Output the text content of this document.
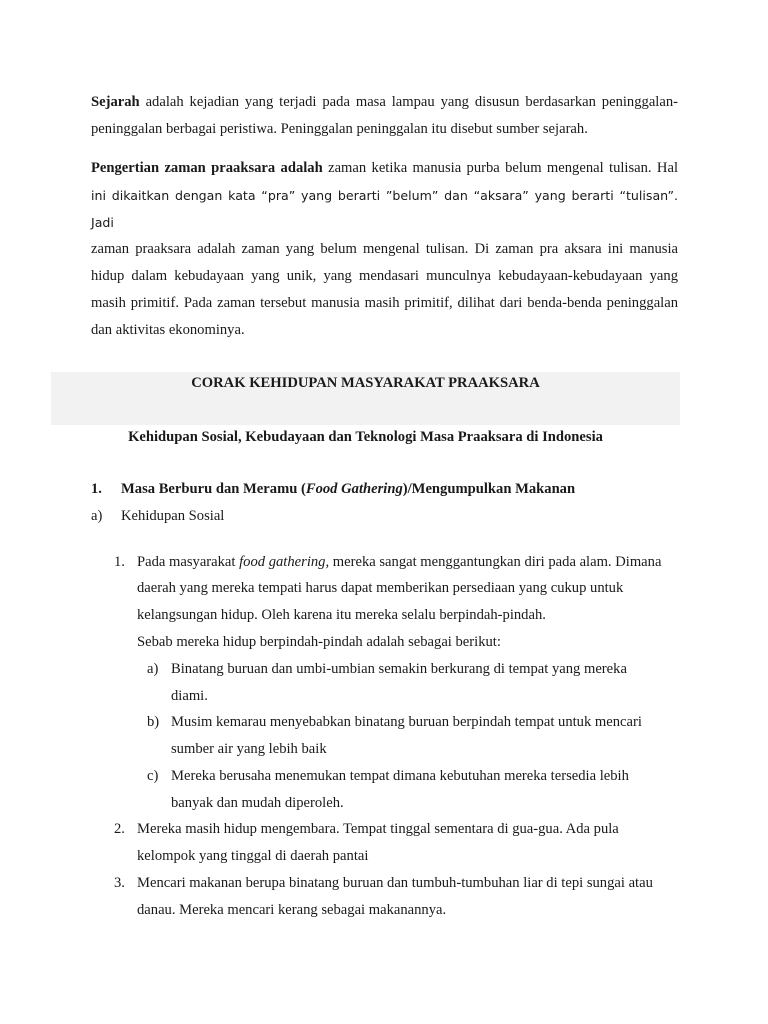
Sejarah adalah kejadian yang terjadi pada masa lampau yang disusun berdasarkan peninggalan-peninggalan berbagai peristiwa. Peninggalan peninggalan itu disebut sumber sejarah.
Pengertian zaman praaksara adalah zaman ketika manusia purba belum mengenal tulisan. Hal
ini dikaitkan dengan kata “pra” yang berarti ”belum” dan “aksara” yang berarti “tulisan”. Jadi
zaman praaksara adalah zaman yang belum mengenal tulisan. Di zaman pra aksara ini manusia hidup dalam kebudayaan yang unik, yang mendasari munculnya kebudayaan-kebudayaan yang masih primitif. Pada zaman tersebut manusia masih primitif, dilihat dari benda-benda peninggalan dan aktivitas ekonominya.
CORAK KEHIDUPAN MASYARAKAT PRAAKSARA
Kehidupan Sosial, Kebudayaan dan Teknologi Masa Praaksara di Indonesia
1. Masa Berburu dan Meramu (Food Gathering)/Mengumpulkan Makanan
a) Kehidupan Sosial
1. Pada masyarakat food gathering, mereka sangat menggantungkan diri pada alam. Dimana
daerah yang mereka tempati harus dapat memberikan persediaan yang cukup untuk
kelangsungan hidup. Oleh karena itu mereka selalu berpindah-pindah.
Sebab mereka hidup berpindah-pindah adalah sebagai berikut:
a) Binatang buruan dan umbi-umbian semakin berkurang di tempat yang mereka
diami.
b) Musim kemarau menyebabkan binatang buruan berpindah tempat untuk mencari
sumber air yang lebih baik
c) Mereka berusaha menemukan tempat dimana kebutuhan mereka tersedia lebih
banyak dan mudah diperoleh.
2. Mereka masih hidup mengembara. Tempat tinggal sementara di gua-gua. Ada pula
kelompok yang tinggal di daerah pantai
3. Mencari makanan berupa binatang buruan dan tumbuh-tumbuhan liar di tepi sungai atau
danau. Mereka mencari kerang sebagai makanannya.
